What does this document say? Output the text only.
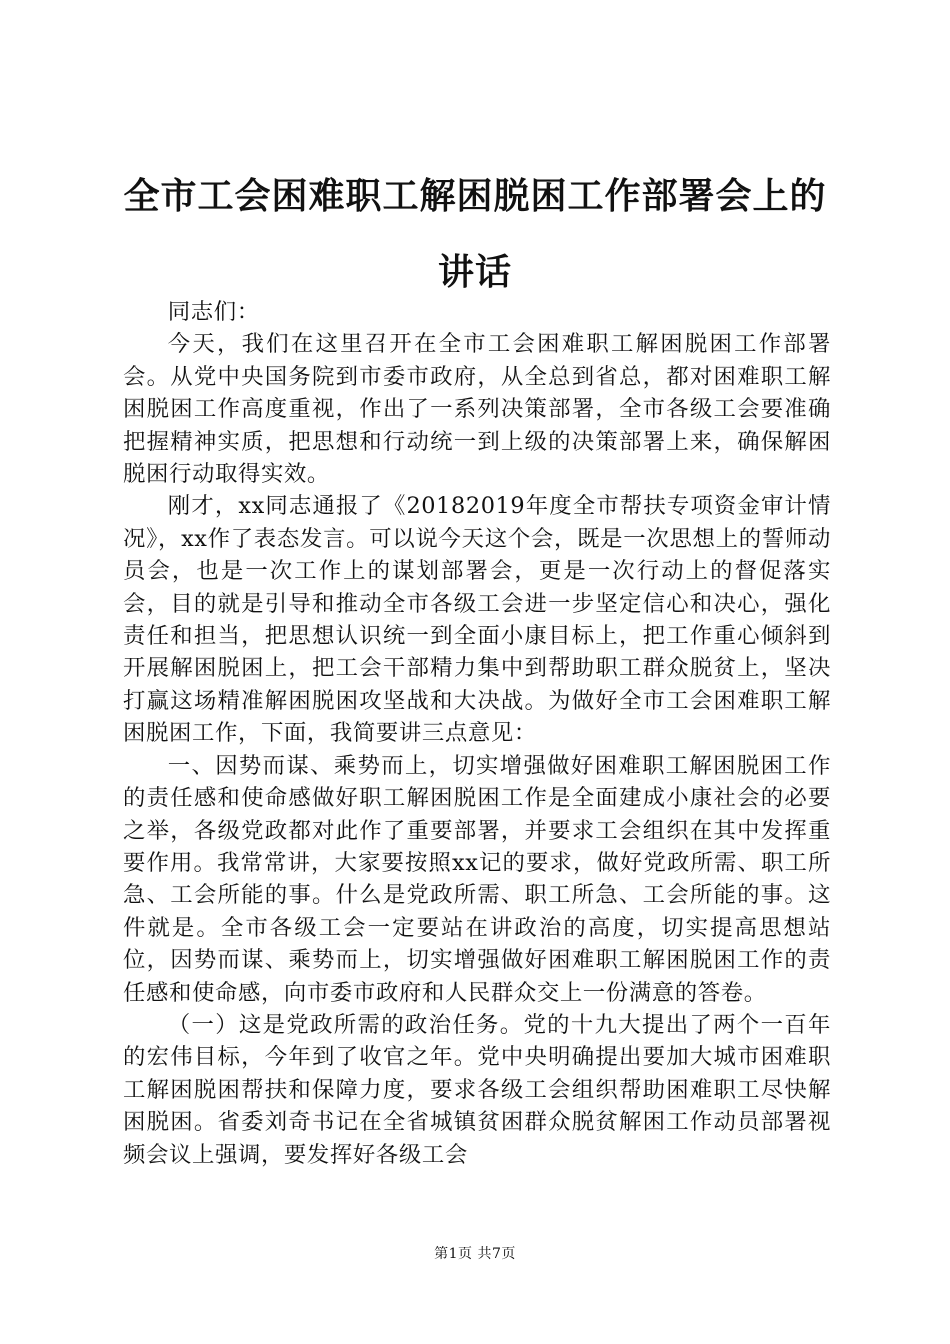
全市工会困难职工解困脱困工作部署会上的讲话

同志们：

今天，我们在这里召开在全市工会困难职工解困脱困工作部署会。从党中央国务院到市委市政府，从全总到省总，都对困难职工解困脱困工作高度重视，作出了一系列决策部署，全市各级工会要准确把握精神实质，把思想和行动统一到上级的决策部署上来，确保解困脱困行动取得实效。

刚才，xx同志通报了《20182019年度全市帮扶专项资金审计情况》，xx作了表态发言。可以说今天这个会，既是一次思想上的誓师动员会，也是一次工作上的谋划部署会，更是一次行动上的督促落实会，目的就是引导和推动全市各级工会进一步坚定信心和决心，强化责任和担当，把思想认识统一到全面小康目标上，把工作重心倾斜到开展解困脱困上，把工会干部精力集中到帮助职工群众脱贫上，坚决打赢这场精准解困脱困攻坚战和大决战。为做好全市工会困难职工解困脱困工作，下面，我简要讲三点意见：

一、因势而谋、乘势而上，切实增强做好困难职工解困脱困工作的责任感和使命感做好职工解困脱困工作是全面建成小康社会的必要之举，各级党政都对此作了重要部署，并要求工会组织在其中发挥重要作用。我常常讲，大家要按照xx记的要求，做好党政所需、职工所急、工会所能的事。什么是党政所需、职工所急、工会所能的事。这件就是。全市各级工会一定要站在讲政治的高度，切实提高思想站位，因势而谋、乘势而上，切实增强做好困难职工解困脱困工作的责任感和使命感，向市委市政府和人民群众交上一份满意的答卷。

（一）这是党政所需的政治任务。党的十九大提出了两个一百年的宏伟目标，今年到了收官之年。党中央明确提出要加大城市困难职工解困脱困帮扶和保障力度，要求各级工会组织帮助困难职工尽快解困脱困。省委刘奇书记在全省城镇贫困群众脱贫解困工作动员部署视频会议上强调，要发挥好各级工会

第1页 共7页
